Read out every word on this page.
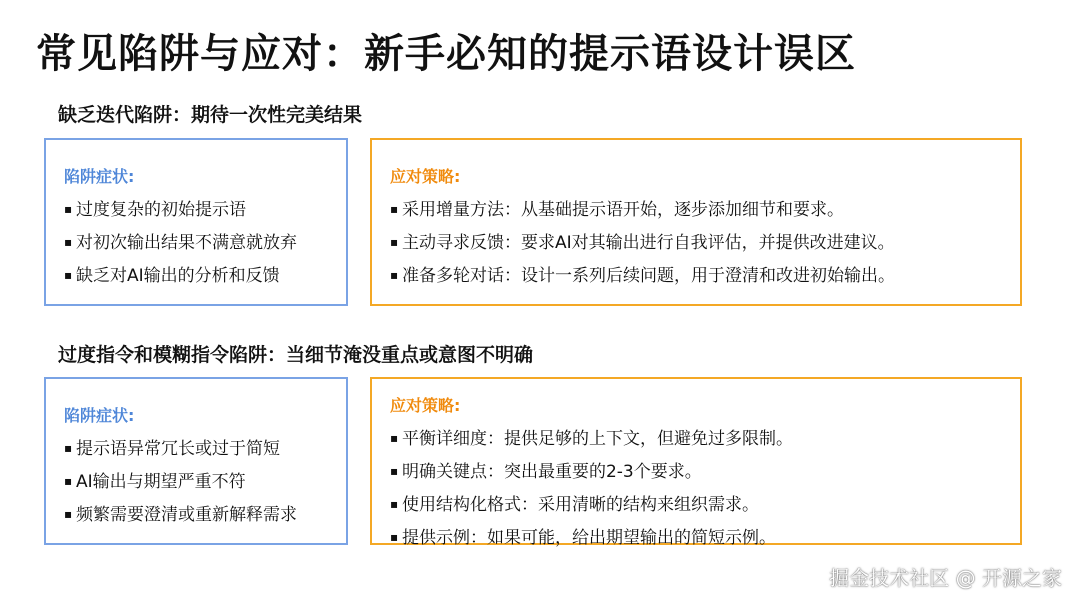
常见陷阱与应对：新手必知的提示语设计误区
缺乏迭代陷阱：期待一次性完美结果
陷阱症状:
▪ 过度复杂的初始提示语
▪ 对初次输出结果不满意就放弃
▪ 缺乏对AI输出的分析和反馈
应对策略:
▪ 采用增量方法：从基础提示语开始，逐步添加细节和要求。
▪ 主动寻求反馈：要求AI对其输出进行自我评估，并提供改进建议。
▪ 准备多轮对话：设计一系列后续问题，用于澄清和改进初始输出。
过度指令和模糊指令陷阱：当细节淹没重点或意图不明确
陷阱症状:
▪ 提示语异常冗长或过于简短
▪ AI输出与期望严重不符
▪ 频繁需要澄清或重新解释需求
应对策略:
▪ 平衡详细度：提供足够的上下文，但避免过多限制。
▪ 明确关键点：突出最重要的2-3个要求。
▪ 使用结构化格式：采用清晰的结构来组织需求。
▪ 提供示例：如果可能，给出期望输出的简短示例。
掘金技术社区 @ 开源之家
